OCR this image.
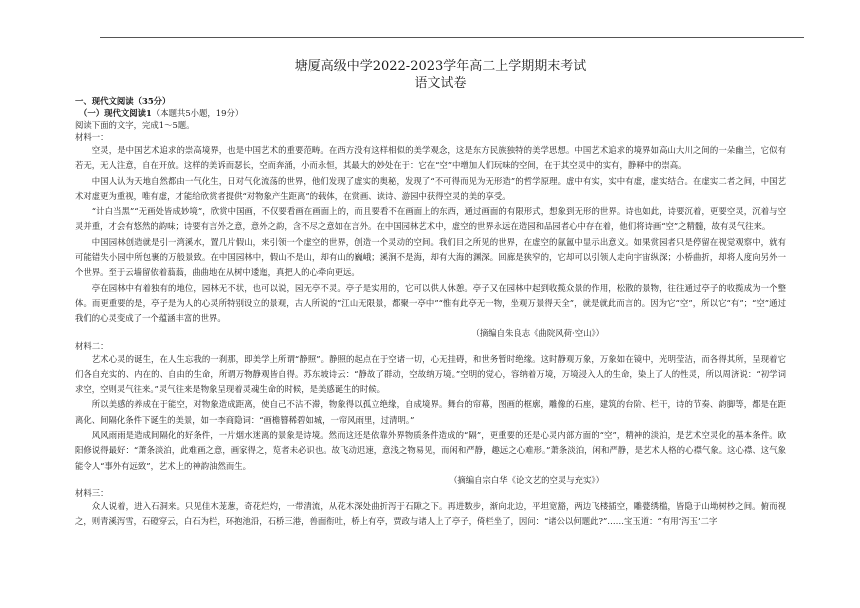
塘厦高级中学2022-2023学年高二上学期期末考试
语文试卷
一、现代文阅读（35分）
（一）现代文阅读1（本题共5小题，19分）
阅读下面的文字，完成1～5题。
材料一：
空灵，是中国艺术追求的崇高境界，也是中国艺术的重要范畴。在西方没有这样相似的美学观念，这是东方民族独特的美学思想。中国艺术追求的境界如高山大川之间的一朵幽兰，它似有若无，无人注意，自在开放。这样的美诉而瑟长，空而奔涌，小而永恒，其最大的妙处在于：它在“空”中增加人们玩味的空间，在于其空灵中的实有，静释中的崇高。
中国人认为天地自然都由一气化生，日对气化流荡的世界，他们发现了虚实的奥秘，发现了“不可得而见为无形造”的哲学原理。虚中有实，实中有虚，虚实结合。在虚实二者之间，中国艺术对虚更为重视，唯有虚，才能给欣赏者提供“对物象产生距离”的载体，在赏画、读诗、游园中获得空灵的美的享受。
“计白当黑”“无画处皆成妙境”，欣赏中国画，不仅要看画在画面上的，而且要看不在画面上的东西，通过画面的有限形式，想象到无形的世界。诗也如此，诗要沉着，更要空灵，沉着与空灵并重，才会有悠然的韵味；诗要有言外之意，意外之韵，含不尽之意如在言外。在中国园林艺术中，虚空的世界永远在造园和品园者心中存在着，他们将诗画“空”之精髓，故有灵气往来。
中国园林创造就是引一湾溪水，置几片假山，来引领一个虚空的世界，创造一个灵动的空间。我们目之所见的世界，在虚空的氤氲中显示出意义。如果赏园者只是停留在视觉观察中，就有可能错失小园中所包裹的万般景致。在中国园林中，假山不是山，却有山的巍峨；溪涧不是海，却有大海的渊深。回廊是狭窄的，它却可以引领人走向宇宙纵深；小桥曲折，却将人度向另外一个世界。至于云墙留依着蓊蓊，曲曲地在从树中逶迤，真把人的心牵向更远。
亭在园林中有着独有的地位，园林无不状，也可以说，园无亭不灵。亭子是实用的，它可以供人休憩。亭子又在园林中起到收揽众景的作用，松散的景物，往往通过亭子的收揽成为一个整体。而更重要的是，亭子是为人的心灵所特别设立的景观，古人所说的“江山无限景，都聚一亭中”“惟有此亭无一物，坐观万景得天全”，就是就此而言的。因为它“空”，所以它“有”；“空”通过我们的心灵变成了一个蕴涵丰富的世界。
（摘编自朱良志《曲院风荷·空山》）
材料二：
艺术心灵的诞生，在人生忘我的一刹那，即美学上所谓“静照”。静照的起点在于空诸一切，心无挂碍，和世务暂时绝缘。这时静观万象，万象如在镜中，光明莹洁，而各得其所，呈现着它们各自充实的、内在的、自由的生命，所谓万物静观皆自得。苏东坡诗云：“静故了群动，空故纳万境。”空明的觉心，容纳着万境，万境浸入人的生命，染上了人的性灵，所以周济说：“初学词求空，空则灵气往来。”灵气往来是物象呈现着灵魂生命的时候，是美感诞生的时候。
所以美感的养成在于能空，对物象造成距离，使自己不沾不滞，物象得以孤立绝缘，自成境界。舞台的帘幕，图画的框廓，雕像的石座，建筑的台阶、栏干，诗的节奏、韵脚等，都是在距离化、间隔化条件下诞生的美景，如一李商隐词：“画檐簪稀碧如城，一帘风雨里，过清明。”
风风雨雨是造成间隔化的好条件，一片烟水迷离的景象是诗境。然而这还是依靠外界物质条件造成的“隔”，更重要的还是心灵内部方面的“空”，精神的淡泊，是艺术空灵化的基本条件。欧阳修说得最好：“萧条淡泊，此难画之意，画家得之，览者未必识也。故飞动迟速，意浅之物易见，而闲和严静，趣远之心难形。”萧条淡泊，闲和严静，是艺术人格的心襟气象。这心襟、这气象能令人“事外有远致”，艺术上的神韵油然而生。
（摘编自宗白华《论文艺的空灵与充实》）
材料三：
众人说着，进入石洞来。只见佳木茏葱，奇花烂灼，一带清流，从花木深处曲折泻于石隙之下。再进数步，渐向北边，平坦宽豁，两边飞楼插空，雕甍绣槛，皆隐于山坳树杪之间。俯而视之，则青溪泻雪，石磴穿云，白石为栏，环抱池沿，石桥三港，兽面衔吐，桥上有亭，贾政与诸人上了亭子，倚栏坐了，因问：“诸公以何题此?”……宝玉道：“有用‘泻玉’二字
